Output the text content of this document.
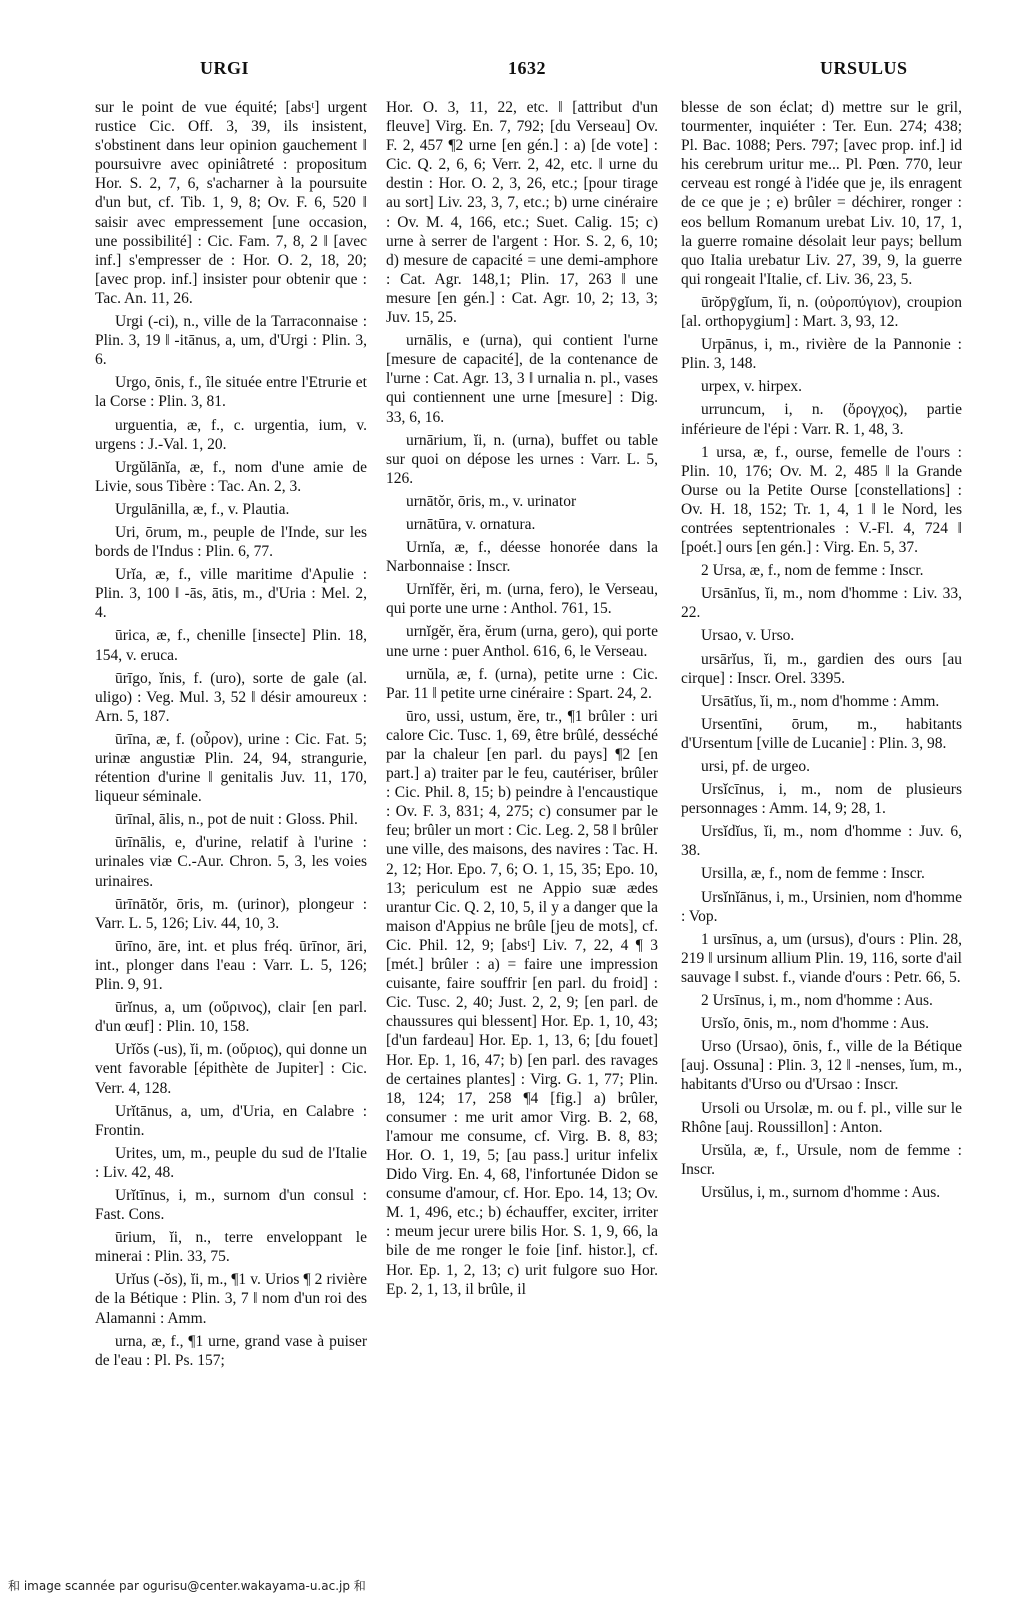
URGI	1632	URSULUS

sur le point de vue équité; [absᵗ] urgent rustice Cic. Off. 3, 39, ils insistent, s'obstinent dans leur opinion gauchement ‖ poursuivre avec opiniâtreté : propositum Hor. S. 2, 7, 6, s'acharner à la poursuite d'un but, cf. Tib. 1, 9, 8; Ov. F. 6, 520 ‖ saisir avec empressement [une occasion, une possibilité] : Cic. Fam. 7, 8, 2 ‖ [avec inf.] s'empresser de : Hor. O. 2, 18, 20; [avec prop. inf.] insister pour obtenir que : Tac. An. 11, 26.

Urgi (-ci), n., ville de la Tarraconnaise : Plin. 3, 19 ‖ -itānus, a, um, d'Urgi : Plin. 3, 6.

Urgo, ōnis, f., île située entre l'Etrurie et la Corse : Plin. 3, 81.

urguentia, æ, f., c. urgentia, ium, v. urgens : J.-Val. 1, 20.

Urgŭlānĭa, æ, f., nom d'une amie de Livie, sous Tibère : Tac. An. 2, 3.

Urgulānilla, æ, f., v. Plautia.

Uri, ōrum, m., peuple de l'Inde, sur les bords de l'Indus : Plin. 6, 77.

Urĭa, æ, f., ville maritime d'Apulie : Plin. 3, 100 ‖ -ās, ātis, m., d'Uria : Mel. 2, 4.

ūrica, æ, f., chenille [insecte] Plin. 18, 154, v. eruca.

ūrīgo, ĭnis, f. (uro), sorte de gale (al. uligo) : Veg. Mul. 3, 52 ‖ désir amoureux : Arn. 5, 187.

ūrīna, æ, f. (οὖρον), urine : Cic. Fat. 5; urinæ angustiæ Plin. 24, 94, strangurie, rétention d'urine ‖ genitalis Juv. 11, 170, liqueur séminale.

ūrīnal, ālis, n., pot de nuit : Gloss. Phil.

ūrīnālis, e, d'urine, relatif à l'urine : urinales viæ C.-Aur. Chron. 5, 3, les voies urinaires.

ūrīnātŏr, ōris, m. (urinor), plongeur : Varr. L. 5, 126; Liv. 44, 10, 3.

ūrīno, āre, int. et plus fréq. ūrīnor, āri, int., plonger dans l'eau : Varr. L. 5, 126; Plin. 9, 91.

ūrĭnus, a, um (οὔρινος), clair [en parl. d'un œuf] : Plin. 10, 158.

Urĭŏs (-us), ĭi, m. (οὔριος), qui donne un vent favorable [épithète de Jupiter] : Cic. Verr. 4, 128.

Urĭtānus, a, um, d'Uria, en Calabre : Frontin.

Urites, um, m., peuple du sud de l'Italie : Liv. 42, 48.

Urĭtīnus, i, m., surnom d'un consul : Fast. Cons.

ūrium, ĭi, n., terre enveloppant le minerai : Plin. 33, 75.

Urĭus (-ŏs), ĭi, m., ¶1 v. Urios ¶ 2 rivière de la Bétique : Plin. 3, 7 ‖ nom d'un roi des Alamanni : Amm.

urna, æ, f., ¶1 urne, grand vase à puiser de l'eau : Pl. Ps. 157;

Hor. O. 3, 11, 22, etc. ‖ [attribut d'un fleuve] Virg. En. 7, 792; [du Verseau] Ov. F. 2, 457 ¶2 urne [en gén.] : a) [de vote] : Cic. Q. 2, 6, 6; Verr. 2, 42, etc. ‖ urne du destin : Hor. O. 2, 3, 26, etc.; [pour tirage au sort] Liv. 23, 3, 7, etc.; b) urne cinéraire : Ov. M. 4, 166, etc.; Suet. Calig. 15; c) urne à serrer de l'argent : Hor. S. 2, 6, 10; d) mesure de capacité = une demi-amphore : Cat. Agr. 148,1; Plin. 17, 263 ‖ une mesure [en gén.] : Cat. Agr. 10, 2; 13, 3; Juv. 15, 25.

urnālis, e (urna), qui contient l'urne [mesure de capacité], de la contenance de l'urne : Cat. Agr. 13, 3 ‖ urnalia n. pl., vases qui contiennent une urne [mesure] : Dig. 33, 6, 16.

urnārium, ĭi, n. (urna), buffet ou table sur quoi on dépose les urnes : Varr. L. 5, 126.

urnātŏr, ōris, m., v. urinator

urnātūra, v. ornatura.

Urnĭa, æ, f., déesse honorée dans la Narbonnaise : Inscr.

Urnĭfĕr, ĕri, m. (urna, fero), le Verseau, qui porte une urne : Anthol. 761, 15.

urnĭgĕr, ĕra, ĕrum (urna, gero), qui porte une urne : puer Anthol. 616, 6, le Verseau.

urnŭla, æ, f. (urna), petite urne : Cic. Par. 11 ‖ petite urne cinéraire : Spart. 24, 2.

ūro, ussi, ustum, ĕre, tr., ¶1 brûler : uri calore Cic. Tusc. 1, 69, être brûlé, desséché par la chaleur [en parl. du pays] ¶2 [en part.] a) traiter par le feu, cautériser, brûler : Cic. Phil. 8, 15; b) peindre à l'encaustique : Ov. F. 3, 831; 4, 275; c) consumer par le feu; brûler un mort : Cic. Leg. 2, 58 ‖ brûler une ville, des maisons, des navires : Tac. H. 2, 12; Hor. Epo. 7, 6; O. 1, 15, 35; Epo. 10, 13; periculum est ne Appio suæ ædes urantur Cic. Q. 2, 10, 5, il y a danger que la maison d'Appius ne brûle [jeu de mots], cf. Cic. Phil. 12, 9; [absᵗ] Liv. 7, 22, 4 ¶ 3 [mét.] brûler : a) = faire une impression cuisante, faire souffrir [en parl. du froid] : Cic. Tusc. 2, 40; Just. 2, 2, 9; [en parl. de chaussures qui blessent] Hor. Ep. 1, 10, 43; [d'un fardeau] Hor. Ep. 1, 13, 6; [du fouet] Hor. Ep. 1, 16, 47; b) [en parl. des ravages de certaines plantes] : Virg. G. 1, 77; Plin. 18, 124; 17, 258 ¶4 [fig.] a) brûler, consumer : me urit amor Virg. B. 2, 68, l'amour me consume, cf. Virg. B. 8, 83; Hor. O. 1, 19, 5; [au pass.] uritur infelix Dido Virg. En. 4, 68, l'infortunée Didon se consume d'amour, cf. Hor. Epo. 14, 13; Ov. M. 1, 496, etc.; b) échauffer, exciter, irriter : meum jecur urere bilis Hor. S. 1, 9, 66, la bile de me ronger le foie [inf. histor.], cf. Hor. Ep. 1, 2, 13; c) urit fulgore suo Hor. Ep. 2, 1, 13, il brûle, il

blesse de son éclat; d) mettre sur le gril, tourmenter, inquiéter : Ter. Eun. 274; 438; Pl. Bac. 1088; Pers. 797; [avec prop. inf.] id his cerebrum uritur me... Pl. Pœn. 770, leur cerveau est rongé à l'idée que je, ils enragent de ce que je ; e) brûler = déchirer, ronger : eos bellum Romanum urebat Liv. 10, 17, 1, la guerre romaine désolait leur pays; bellum quo Italia urebatur Liv. 27, 39, 9, la guerre qui rongeait l'Italie, cf. Liv. 36, 23, 5.

ūrŏpȳgĭum, ĭi, n. (οὐροπύγιον), croupion [al. orthopygium] : Mart. 3, 93, 12.

Urpānus, i, m., rivière de la Pannonie : Plin. 3, 148.

urpex, v. hirpex.

urruncum, i, n. (ὄρογχος), partie inférieure de l'épi : Varr. R. 1, 48, 3.

1 ursa, æ, f., ourse, femelle de l'ours : Plin. 10, 176; Ov. M. 2, 485 ‖ la Grande Ourse ou la Petite Ourse [constellations] : Ov. H. 18, 152; Tr. 1, 4, 1 ‖ le Nord, les contrées septentrionales : V.-Fl. 4, 724 ‖ [poét.] ours [en gén.] : Virg. En. 5, 37.

2 Ursa, æ, f., nom de femme : Inscr.

Ursānĭus, ĭi, m., nom d'homme : Liv. 33, 22.

Ursao, v. Urso.

ursārĭus, ĭi, m., gardien des ours [au cirque] : Inscr. Orel. 3395.

Ursātĭus, ĭi, m., nom d'homme : Amm.

Ursentīni, ōrum, m., habitants d'Ursentum [ville de Lucanie] : Plin. 3, 98.

ursi, pf. de urgeo.

Ursĭcīnus, i, m., nom de plusieurs personnages : Amm. 14, 9; 28, 1.

Ursĭdĭus, ĭi, m., nom d'homme : Juv. 6, 38.

Ursilla, æ, f., nom de femme : Inscr.

Ursĭnĭānus, i, m., Ursinien, nom d'homme : Vop.

1 ursīnus, a, um (ursus), d'ours : Plin. 28, 219 ‖ ursinum allium Plin. 19, 116, sorte d'ail sauvage ‖ subst. f., viande d'ours : Petr. 66, 5.

2 Ursīnus, i, m., nom d'homme : Aus.

Ursĭo, ōnis, m., nom d'homme : Aus.

Urso (Ursao), ōnis, f., ville de la Bétique [auj. Ossuna] : Plin. 3, 12 ‖ -nenses, ĭum, m., habitants d'Urso ou d'Ursao : Inscr.

Ursoli ou Ursolæ, m. ou f. pl., ville sur le Rhône [auj. Roussillon] : Anton.

Ursŭla, æ, f., Ursule, nom de femme : Inscr.

Ursŭlus, i, m., surnom d'homme : Aus.

和 image scannée par ogurisu@center.wakayama-u.ac.jp 和
